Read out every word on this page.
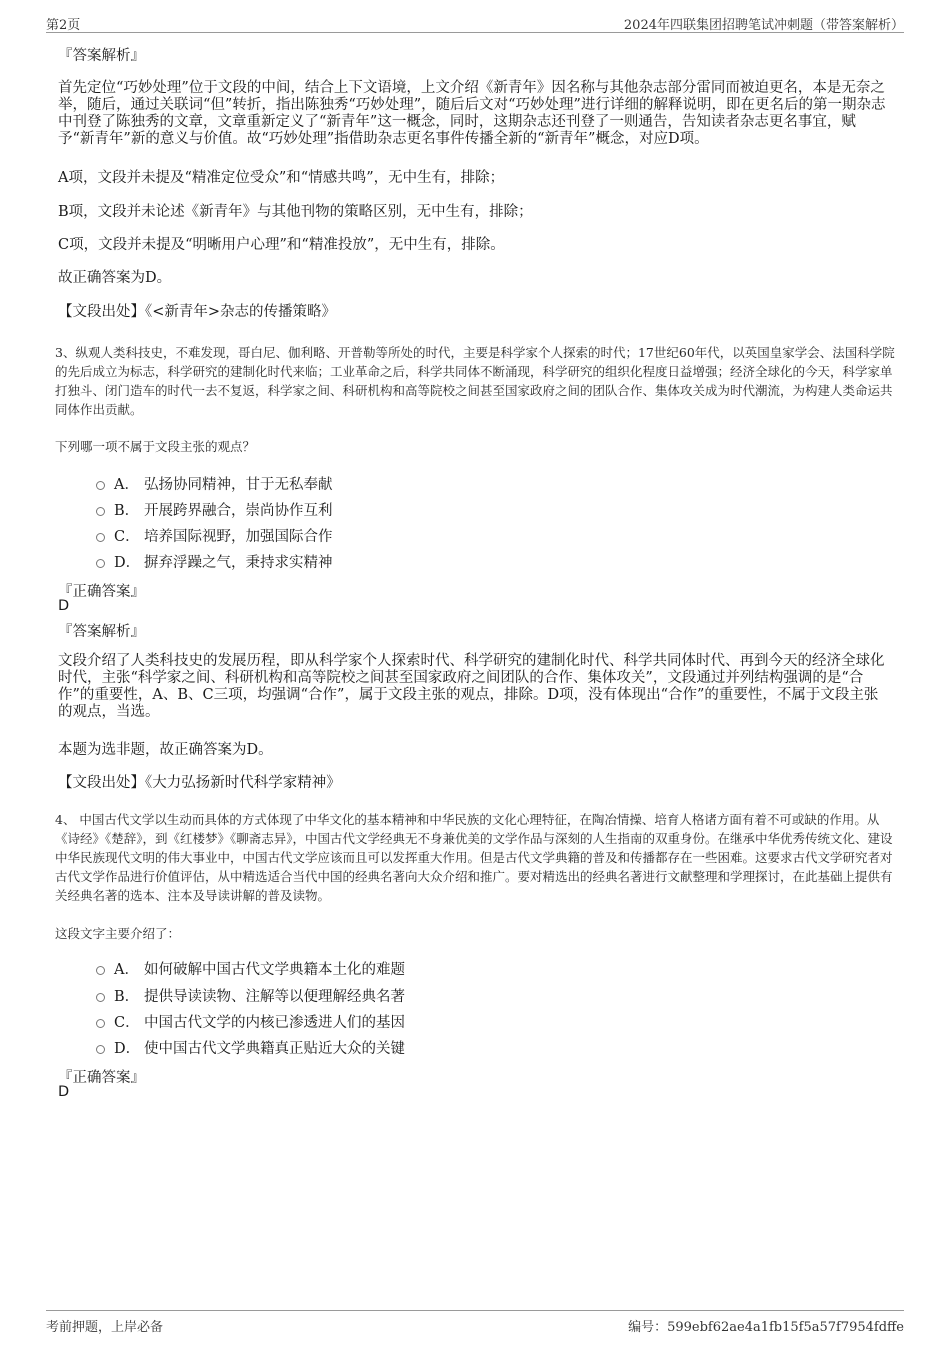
第2页	2024年四联集团招聘笔试冲刺题（带答案解析）
『答案解析』
首先定位“巧妙处理”位于文段的中间，结合上下文语境，上文介绍《新青年》因名称与其他杂志部分雷同而被迫更名，本是无奈之举，随后，通过关联词“但”转折，指出陈独秀“巧妙处理”，随后后文对“巧妙处理”进行详细的解释说明，即在更名后的第一期杂志中刊登了陈独秀的文章，文章重新定义了“新青年”这一概念，同时，这期杂志还刊登了一则通告，告知读者杂志更名事宜，赋予“新青年”新的意义与价值。故“巧妙处理”指借助杂志更名事件传播全新的“新青年”概念，对应D项。
A项，文段并未提及“精准定位受众”和“情感共鸣”，无中生有，排除；
B项，文段并未论述《新青年》与其他刊物的策略区别，无中生有，排除；
C项，文段并未提及“明晰用户心理”和“精准投放”，无中生有，排除。
故正确答案为D。
【文段出处】《<新青年>杂志的传播策略》
3、纵观人类科技史，不难发现，哥白尼、伽利略、开普勒等所处的时代，主要是科学家个人探索的时代；17世纪60年代，以英国皇家学会、法国科学院的先后成立为标志，科学研究的建制化时代来临；工业革命之后，科学共同体不断涌现，科学研究的组织化程度日益增强；经济全球化的今天，科学家单打独斗、闭门造车的时代一去不复返，科学家之间、科研机构和高等院校之间甚至国家政府之间的团队合作、集体攻关成为时代潮流，为构建人类命运共同体作出贡献。
下列哪一项不属于文段主张的观点？
A． 弘扬协同精神，甘于无私奉献
B． 开展跨界融合，崇尚协作互利
C． 培养国际视野，加强国际合作
D． 摒弃浮躁之气，秉持求实精神
『正确答案』
D
『答案解析』
文段介绍了人类科技史的发展历程，即从科学家个人探索时代、科学研究的建制化时代、科学共同体时代、再到今天的经济全球化时代，主张“科学家之间、科研机构和高等院校之间甚至国家政府之间团队的合作、集体攻关”，文段通过并列结构强调的是“合作”的重要性，A、B、C三项，均强调“合作”，属于文段主张的观点，排除。D项，没有体现出“合作”的重要性，不属于文段主张的观点，当选。
本题为选非题，故正确答案为D。
【文段出处】《大力弘扬新时代科学家精神》
4、 中国古代文学以生动而具体的方式体现了中华文化的基本精神和中华民族的文化心理特征，在陶冶情操、培育人格诸方面有着不可或缺的作用。从《诗经》《楚辞》，到《红楼梦》《聊斋志异》，中国古代文学经典无不身兼优美的文学作品与深刻的人生指南的双重身份。在继承中华优秀传统文化、建设中华民族现代文明的伟大事业中，中国古代文学应该而且可以发挥重大作用。但是古代文学典籍的普及和传播都存在一些困难。这要求古代文学研究者对古代文学作品进行价值评估，从中精选适合当代中国的经典名著向大众介绍和推广。要对精选出的经典名著进行文献整理和学理探讨，在此基础上提供有关经典名著的选本、注本及导读讲解的普及读物。
这段文字主要介绍了：
A． 如何破解中国古代文学典籍本土化的难题
B． 提供导读读物、注解等以便理解经典名著
C． 中国古代文学的内核已渗透进人们的基因
D． 使中国古代文学典籍真正贴近大众的关键
『正确答案』
D
考前押题，上岸必备	编号：599ebf62ae4a1fb15f5a57f7954fdffe
